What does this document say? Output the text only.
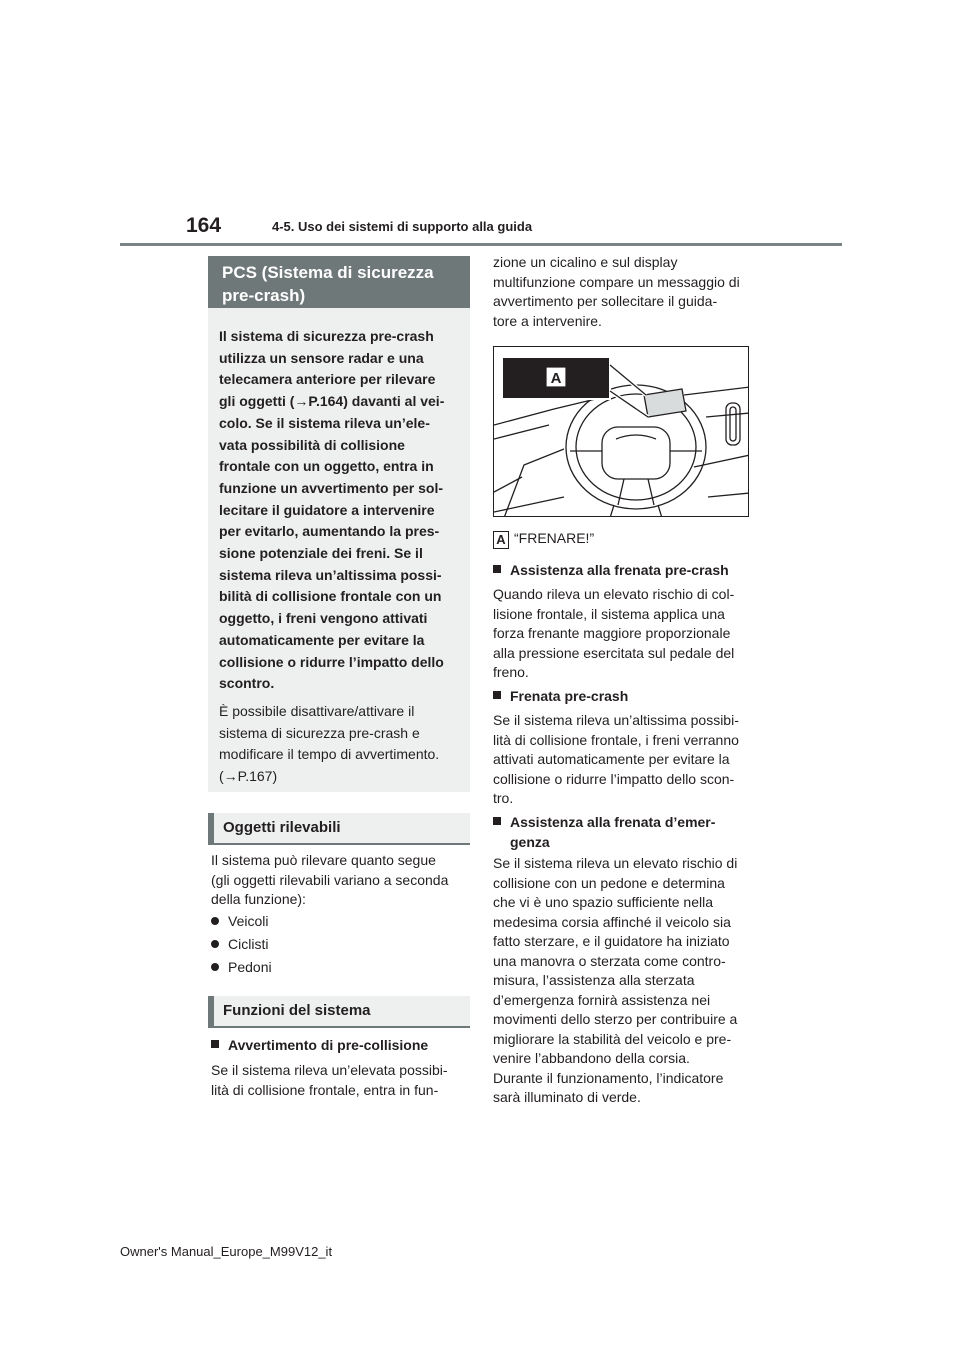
164	4-5. Uso dei sistemi di supporto alla guida
PCS (Sistema di sicurezza
pre-crash)
Il sistema di sicurezza pre-crash
utilizza un sensore radar e una
telecamera anteriore per rilevare
gli oggetti (→P.164) davanti al vei-
colo. Se il sistema rileva un’ele-
vata possibilità di collisione
frontale con un oggetto, entra in
funzione un avvertimento per sol-
lecitare il guidatore a intervenire
per evitarlo, aumentando la pres-
sione potenziale dei freni. Se il
sistema rileva un’altissima possi-
bilità di collisione frontale con un
oggetto, i freni vengono attivati
automaticamente per evitare la
collisione o ridurre l’impatto dello
scontro.
È possibile disattivare/attivare il
sistema di sicurezza pre-crash e
modificare il tempo di avvertimento.
(→P.167)
Oggetti rilevabili
Il sistema può rilevare quanto segue
(gli oggetti rilevabili variano a seconda
della funzione):
Veicoli
Ciclisti
Pedoni
Funzioni del sistema
Avvertimento di pre-collisione
Se il sistema rileva un’elevata possibi-
lità di collisione frontale, entra in fun-
zione un cicalino e sul display
multifunzione compare un messaggio di
avvertimento per sollecitare il guida-
tore a intervenire.
A
A “FRENARE!”
Assistenza alla frenata pre-crash
Quando rileva un elevato rischio di col-
lisione frontale, il sistema applica una
forza frenante maggiore proporzionale
alla pressione esercitata sul pedale del
freno.
Frenata pre-crash
Se il sistema rileva un’altissima possibi-
lità di collisione frontale, i freni verranno
attivati automaticamente per evitare la
collisione o ridurre l’impatto dello scon-
tro.
Assistenza alla frenata d’emer-
genza
Se il sistema rileva un elevato rischio di
collisione con un pedone e determina
che vi è uno spazio sufficiente nella
medesima corsia affinché il veicolo sia
fatto sterzare, e il guidatore ha iniziato
una manovra o sterzata come contro-
misura, l’assistenza alla sterzata
d’emergenza fornirà assistenza nei
movimenti dello sterzo per contribuire a
migliorare la stabilità del veicolo e pre-
venire l’abbandono della corsia.
Durante il funzionamento, l’indicatore
sarà illuminato di verde.
Owner's Manual_Europe_M99V12_it
